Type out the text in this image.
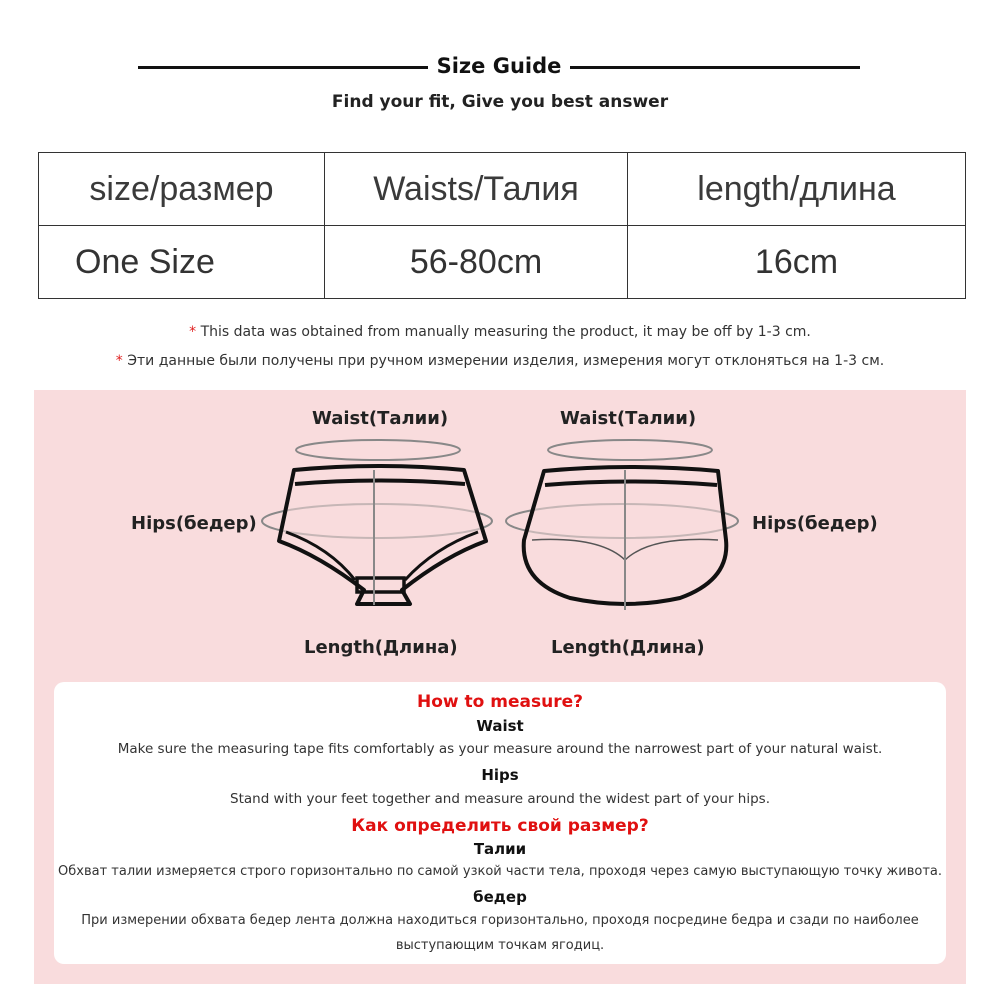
Size Guide
Find your fit, Give you best answer
size/размер	Waists/Талия	length/длина
One Size	56-80cm	16cm
* This data was obtained from manually measuring the product, it may be off by 1-3 cm.
* Эти данные были получены при ручном измерении изделия, измерения могут отклоняться на 1-3 см.
Waist(Талии)	Waist(Талии)
Hips(бедер)	Hips(бедер)
Length(Длина)	Length(Длина)
How to measure?
Waist
Make sure the measuring tape fits comfortably as your measure around the narrowest part of your natural waist.
Hips
Stand with your feet together and measure around the widest part of your hips.
Как определить свой размер?
Талии
Обхват талии измеряется строго горизонтально по самой узкой части тела, проходя через самую выступающую точку живота.
бедер
При измерении обхвата бедер лента должна находиться горизонтально, проходя посредине бедра и сзади по наиболее
выступающим точкам ягодиц.
